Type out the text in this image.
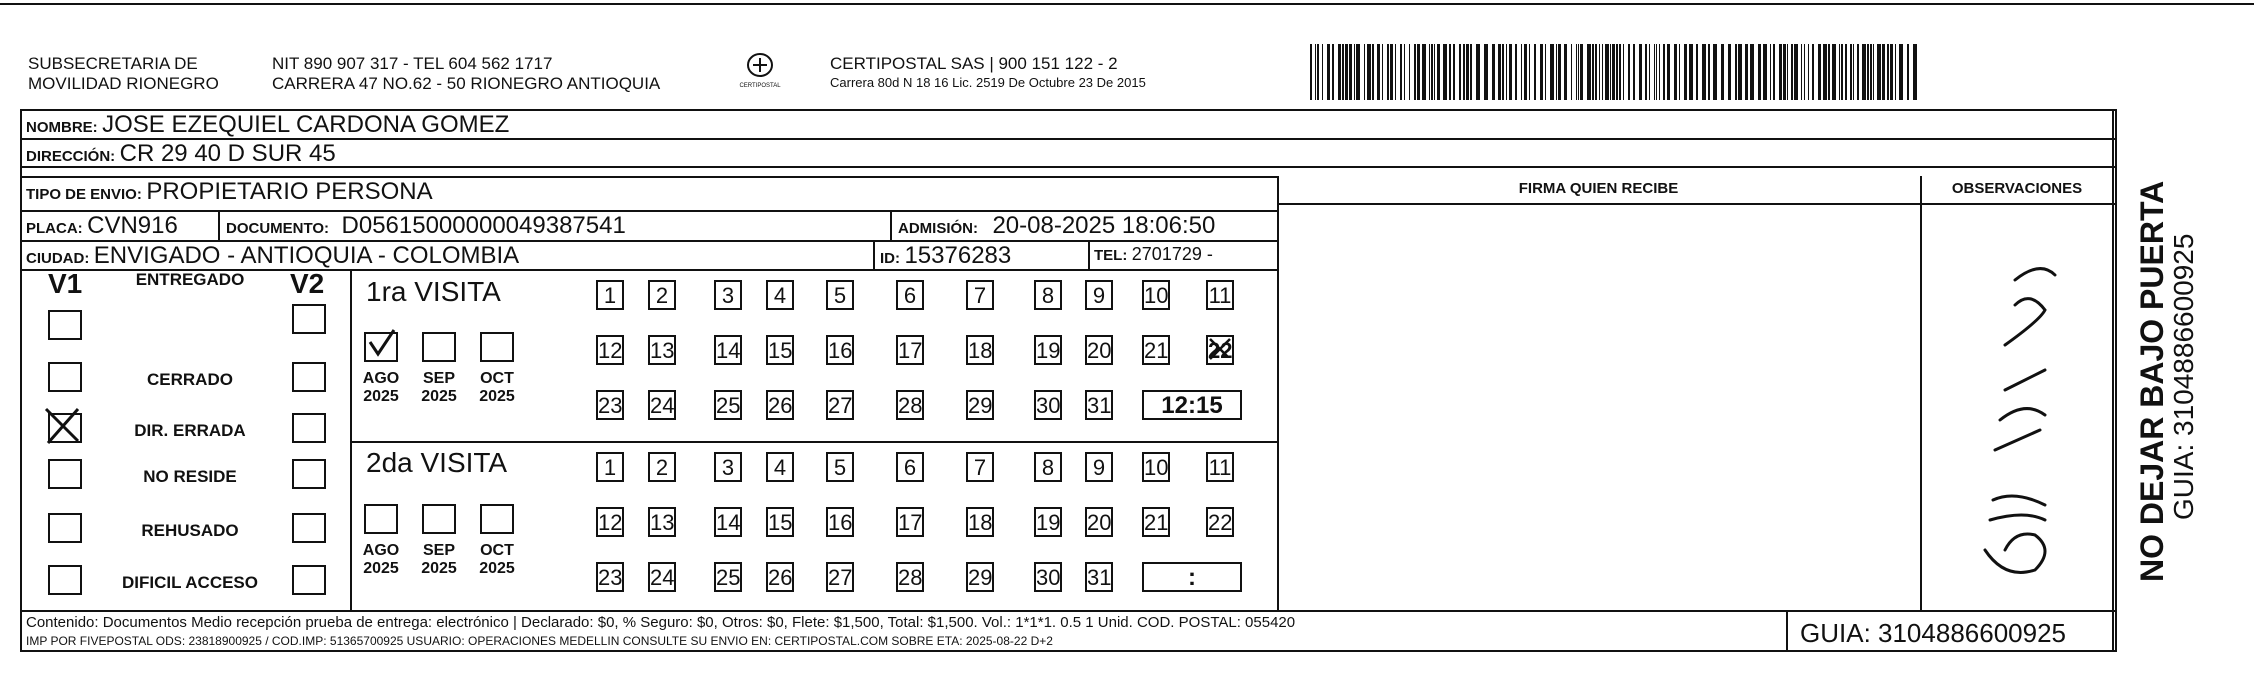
SUBSECRETARIA DE
MOVILIDAD RIONEGRO
NIT 890 907 317 - TEL 604 562 1717
CARRERA 47 NO.62 - 50 RIONEGRO ANTIOQUIA	CERTIPOSTAL
CERTIPOSTAL SAS | 900 151 122 - 2
Carrera 80d N 18 16 Lic. 2519 De Octubre 23 De 2015
NOMBRE: JOSE EZEQUIEL CARDONA GOMEZ
DIRECCIÓN: CR 29 40 D SUR 45
TIPO DE ENVIO: PROPIETARIO PERSONA
PLACA: CVN916	DOCUMENTO: D05615000000049387541	ADMISIÓN: 20-08-2025 18:06:50
CIUDAD: ENVIGADO - ANTIOQUIA - COLOMBIA	ID: 15376283	TEL: 2701729 -
FIRMA QUIEN RECIBE	OBSERVACIONES
V1	V2
ENTREGADO
CERRADO
DIR. ERRADA
NO RESIDE
REHUSADO
DIFICIL ACCESO
1ra VISITA
2da VISITA
AGO
2025
SEP
2025
OCT
2025
1	2	3	4	5	6	7	8	9	10 11
12 13 14 15 16 17 18 19 20 21 22
23 24 25 26 27 28 29 30 31	12:15
AGO
2025
SEP
2025
OCT
2025
1	2	3	4	5	6	7	8	9	10 11
12 13 14 15 16 17 18 19 20 21 22
23 24 25 26 27 28 29 30 31	:	NO DEJAR BAJO PUERTA
GUIA: 3104886600925
Contenido: Documentos Medio recepción prueba de entrega: electrónico | Declarado: $0, % Seguro: $0, Otros: $0, Flete: $1,500, Total: $1,500. Vol.: 1*1*1. 0.5 1 Unid. COD. POSTAL: 055420
IMP POR FIVEPOSTAL ODS: 23818900925 / COD.IMP: 51365700925 USUARIO: OPERACIONES MEDELLIN CONSULTE SU ENVIO EN: CERTIPOSTAL.COM SOBRE ETA: 2025-08-22 D+2	GUIA: 3104886600925
